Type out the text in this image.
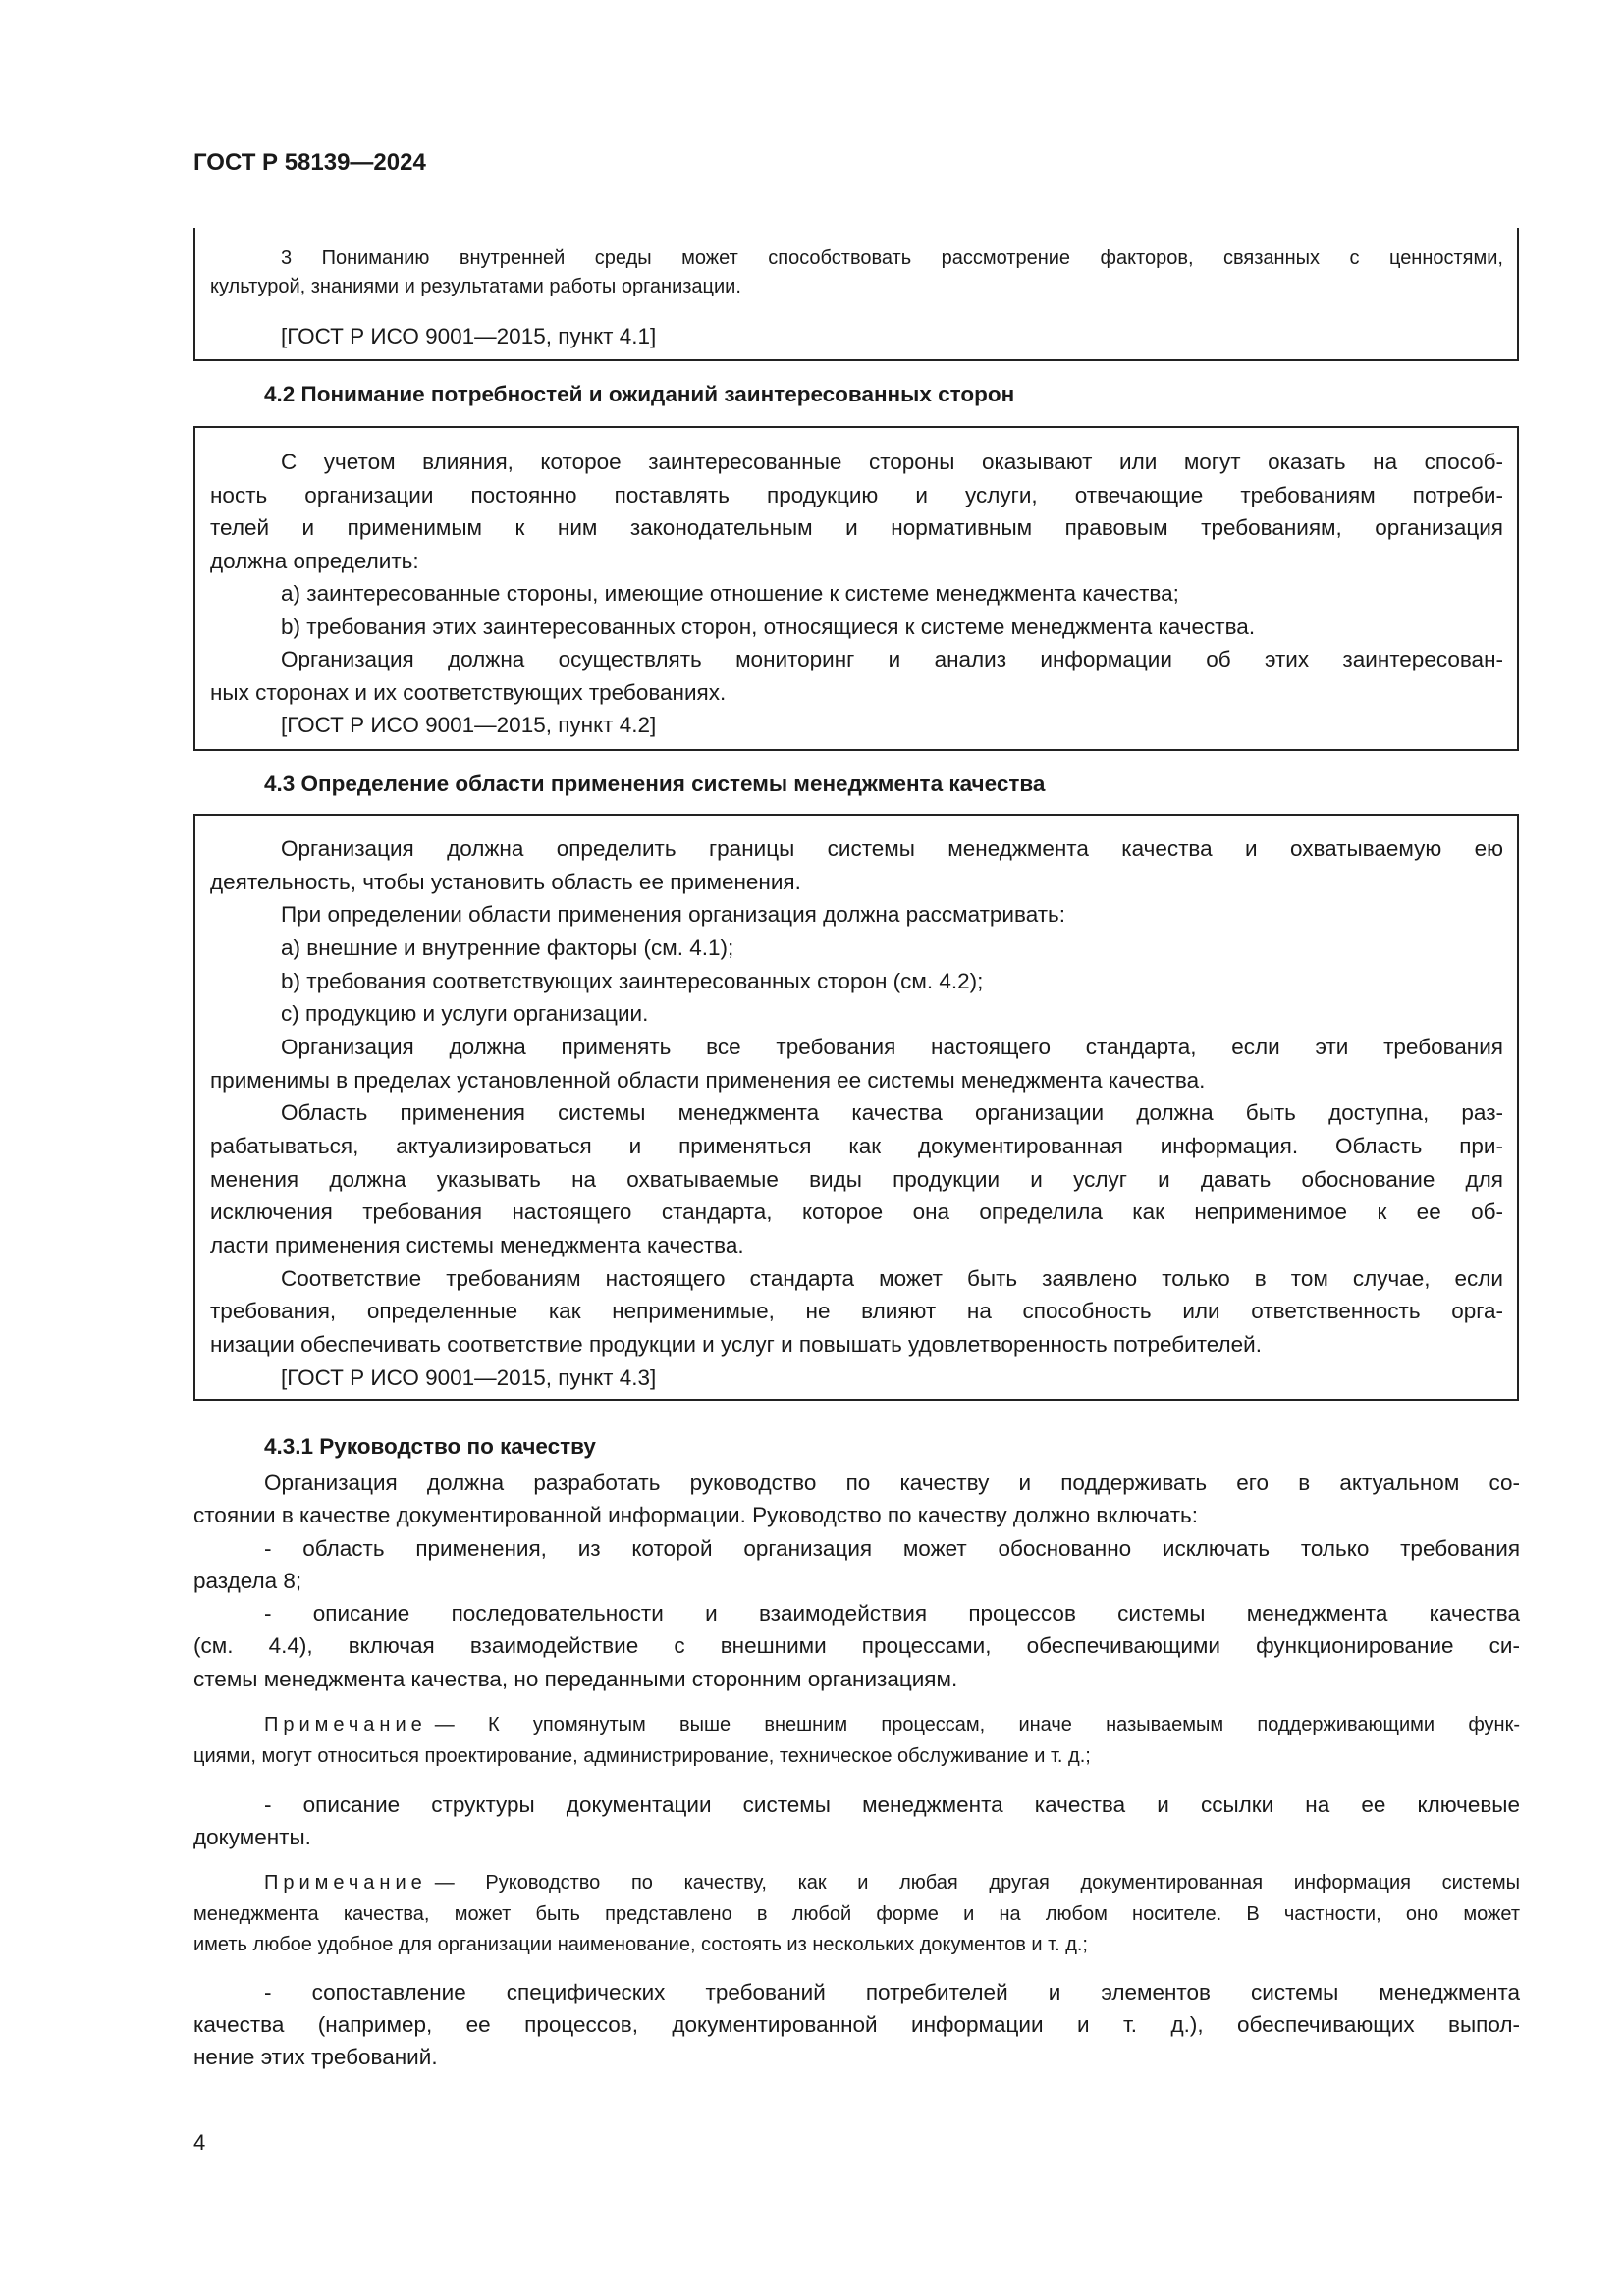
ГОСТ Р 58139—2024
3 Пониманию внутренней среды может способствовать рассмотрение факторов, связанных с ценностями,
культурой, знаниями и результатами работы организации.
[ГОСТ Р ИСО 9001—2015, пункт 4.1]
4.2 Понимание потребностей и ожиданий заинтересованных сторон
С учетом влияния, которое заинтересованные стороны оказывают или могут оказать на способ-
ность организации постоянно поставлять продукцию и услуги, отвечающие требованиям потреби-
телей и применимым к ним законодательным и нормативным правовым требованиям, организация
должна определить:
a) заинтересованные стороны, имеющие отношение к системе менеджмента качества;
b) требования этих заинтересованных сторон, относящиеся к системе менеджмента качества.
Организация должна осуществлять мониторинг и анализ информации об этих заинтересован-
ных сторонах и их соответствующих требованиях.
[ГОСТ Р ИСО 9001—2015, пункт 4.2]
4.3 Определение области применения системы менеджмента качества
Организация должна определить границы системы менеджмента качества и охватываемую ею
деятельность, чтобы установить область ее применения.
При определении области применения организация должна рассматривать:
a) внешние и внутренние факторы (см. 4.1);
b) требования соответствующих заинтересованных сторон (см. 4.2);
c) продукцию и услуги организации.
Организация должна применять все требования настоящего стандарта, если эти требования
применимы в пределах установленной области применения ее системы менеджмента качества.
Область применения системы менеджмента качества организации должна быть доступна, раз-
рабатываться, актуализироваться и применяться как документированная информация. Область при-
менения должна указывать на охватываемые виды продукции и услуг и давать обоснование для
исключения требования настоящего стандарта, которое она определила как неприменимое к ее об-
ласти применения системы менеджмента качества.
Соответствие требованиям настоящего стандарта может быть заявлено только в том случае, если
требования, определенные как неприменимые, не влияют на способность или ответственность орга-
низации обеспечивать соответствие продукции и услуг и повышать удовлетворенность потребителей.
[ГОСТ Р ИСО 9001—2015, пункт 4.3]
4.3.1 Руководство по качеству
Организация должна разработать руководство по качеству и поддерживать его в актуальном со-
стоянии в качестве документированной информации. Руководство по качеству должно включать:
- область применения, из которой организация может обоснованно исключать только требования
раздела 8;
- описание последовательности и взаимодействия процессов системы менеджмента качества
(см. 4.4), включая взаимодействие с внешними процессами, обеспечивающими функционирование си-
стемы менеджмента качества, но переданными сторонним организациям.
Примечание — К упомянутым выше внешним процессам, иначе называемым поддерживающими функ-
циями, могут относиться проектирование, администрирование, техническое обслуживание и т. д.;
- описание структуры документации системы менеджмента качества и ссылки на ее ключевые
документы.
Примечание — Руководство по качеству, как и любая другая документированная информация системы
менеджмента качества, может быть представлено в любой форме и на любом носителе. В частности, оно может
иметь любое удобное для организации наименование, состоять из нескольких документов и т. д.;
- сопоставление специфических требований потребителей и элементов системы менеджмента
качества (например, ее процессов, документированной информации и т. д.), обеспечивающих выпол-
нение этих требований.
4
